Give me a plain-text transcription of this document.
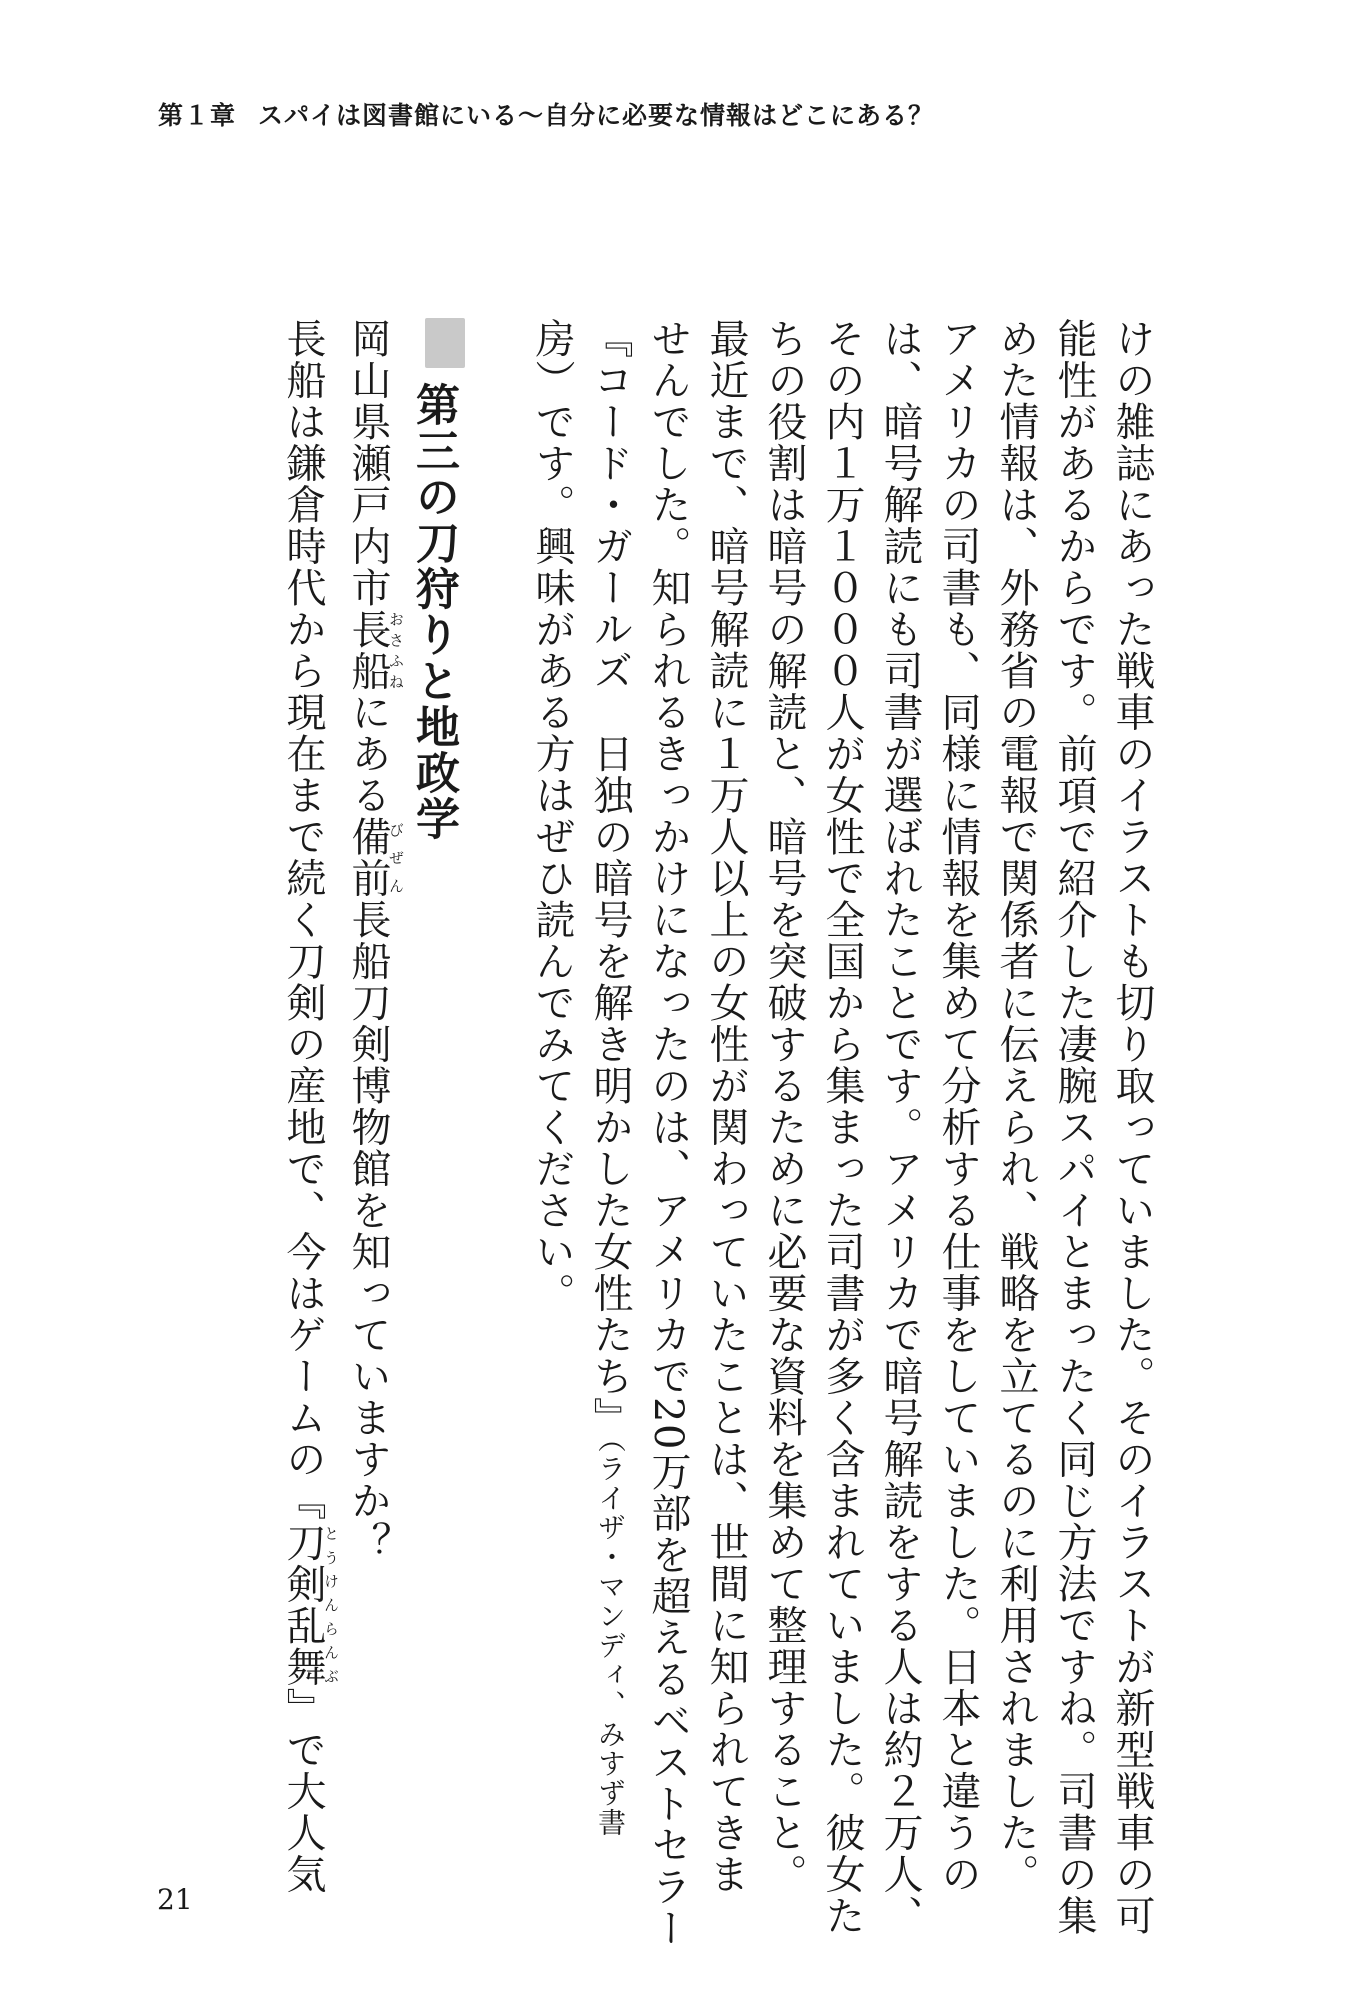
第１章 スパイは図書館にいる〜自分に必要な情報はどこにある？
けの雑誌にあった戦車のイラストも切り取っていました。そのイラストが新型戦車の可
能性があるからです。前項で紹介した凄腕スパイとまったく同じ方法ですね。司書の集
めた情報は、外務省の電報で関係者に伝えられ、戦略を立てるのに利用されました。
アメリカの司書も、同様に情報を集めて分析する仕事をしていました。日本と違うの
は、暗号解読にも司書が選ばれたことです。アメリカで暗号解読をする人は約２万人、
その内１万１０００人が女性で全国から集まった司書が多く含まれていました。彼女た
ちの役割は暗号の解読と、暗号を突破するために必要な資料を集めて整理すること。
最近まで、暗号解読に１万人以上の女性が関わっていたことは、世間に知られてきま
せんでした。知られるきっかけになったのは、アメリカで20万部を超えるベストセラー
『コード・ガールズ　日独の暗号を解き明かした女性たち』（ライザ・マンディ、みすず書
房）です。興味がある方はぜひ読んでみてください。
第三の刀狩りと地政学
岡山県瀬戸内市長船おさふねにある備前びぜん長船刀剣博物館を知っていますか？
長船は鎌倉時代から現在まで続く刀剣の産地で、今はゲームの『刀剣乱舞とうけんらんぶ』で大人気
21
